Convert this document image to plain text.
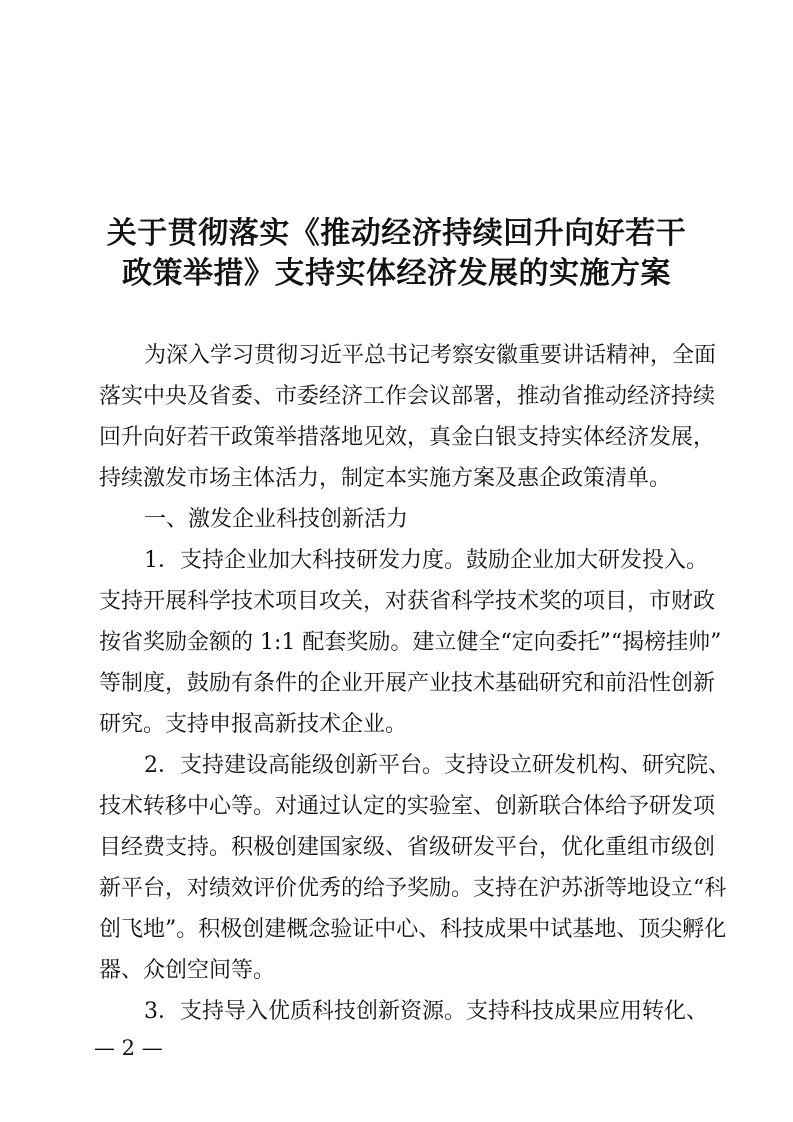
关于贯彻落实《推动经济持续回升向好若干
政策举措》支持实体经济发展的实施方案

为深入学习贯彻习近平总书记考察安徽重要讲话精神，全面

落实中央及省委、市委经济工作会议部署，推动省推动经济持续

回升向好若干政策举措落地见效，真金白银支持实体经济发展，

持续激发市场主体活力，制定本实施方案及惠企政策清单。

一、激发企业科技创新活力

1．支持企业加大科技研发力度。鼓励企业加大研发投入。

支持开展科学技术项目攻关，对获省科学技术奖的项目，市财政

按省奖励金额的 1:1 配套奖励。建立健全“定向委托”“揭榜挂帅”

等制度，鼓励有条件的企业开展产业技术基础研究和前沿性创新

研究。支持申报高新技术企业。

2．支持建设高能级创新平台。支持设立研发机构、研究院、

技术转移中心等。对通过认定的实验室、创新联合体给予研发项

目经费支持。积极创建国家级、省级研发平台，优化重组市级创

新平台，对绩效评价优秀的给予奖励。支持在沪苏浙等地设立“科

创飞地”。积极创建概念验证中心、科技成果中试基地、顶尖孵化

— 2 —

器、众创空间等。

3．支持导入优质科技创新资源。支持科技成果应用转化、
